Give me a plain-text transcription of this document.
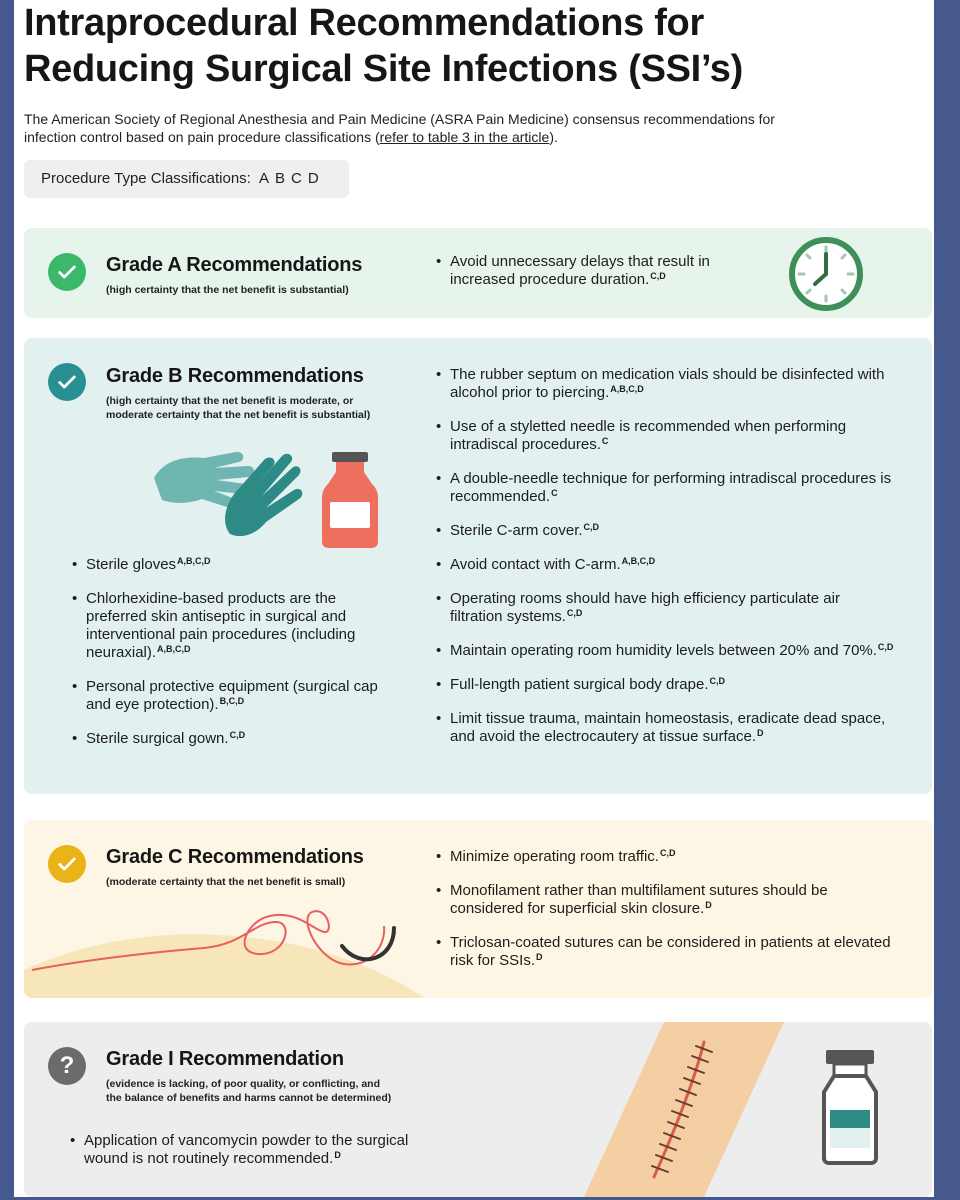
Intraprocedural Recommendations for
Reducing Surgical Site Infections (SSI’s)

The American Society of Regional Anesthesia and Pain Medicine (ASRA Pain Medicine) consensus recommendations for infection control based on pain procedure classifications (refer to table 3 in the article).

Procedure Type Classifications: A B C D
Grade A Recommendations
(high certainty that the net benefit is substantial)
• Avoid unnecessary delays that result in increased procedure duration.$^{C,D}$
Grade B Recommendations
(high certainty that the net benefit is moderate, or
moderate certainty that the net benefit is substantial)
• Sterile gloves$^{A,B,C,D}$
• Chlorhexidine-based products are the preferred skin antiseptic in surgical and interventional pain procedures (including neuraxial).$^{A,B,C,D}$
• Personal protective equipment (surgical cap and eye protection).$^{B,C,D}$
• Sterile surgical gown.$^{C,D}$
• The rubber septum on medication vials should be disinfected with alcohol prior to piercing.$^{A,B,C,D}$
• Use of a styletted needle is recommended when performing intradiscal procedures.$^C$
• A double-needle technique for performing intradiscal procedures is recommended.$^C$
• Sterile C-arm cover.$^{C,D}$
• Avoid contact with C-arm.$^{A,B,C,D}$
• Operating rooms should have high efficiency particulate air filtration systems.$^{C,D}$
• Maintain operating room humidity levels between 20% and 70%.$^{C,D}$
• Full-length patient surgical body drape.$^{C,D}$
• Limit tissue trauma, maintain homeostasis, eradicate dead space, and avoid the electrocautery at tissue surface.$^D$
Grade C Recommendations
(moderate certainty that the net benefit is small)
• Minimize operating room traffic.$^{C,D}$
• Monofilament rather than multifilament sutures should be considered for superficial skin closure.$^D$
• Triclosan-coated sutures can be considered in patients at elevated risk for SSIs.$^D$
?	Grade I Recommendation
(evidence is lacking, of poor quality, or conflicting, and
the balance of benefits and harms cannot be determined)
• Application of vancomycin powder to the surgical wound is not routinely recommended.$^D$
